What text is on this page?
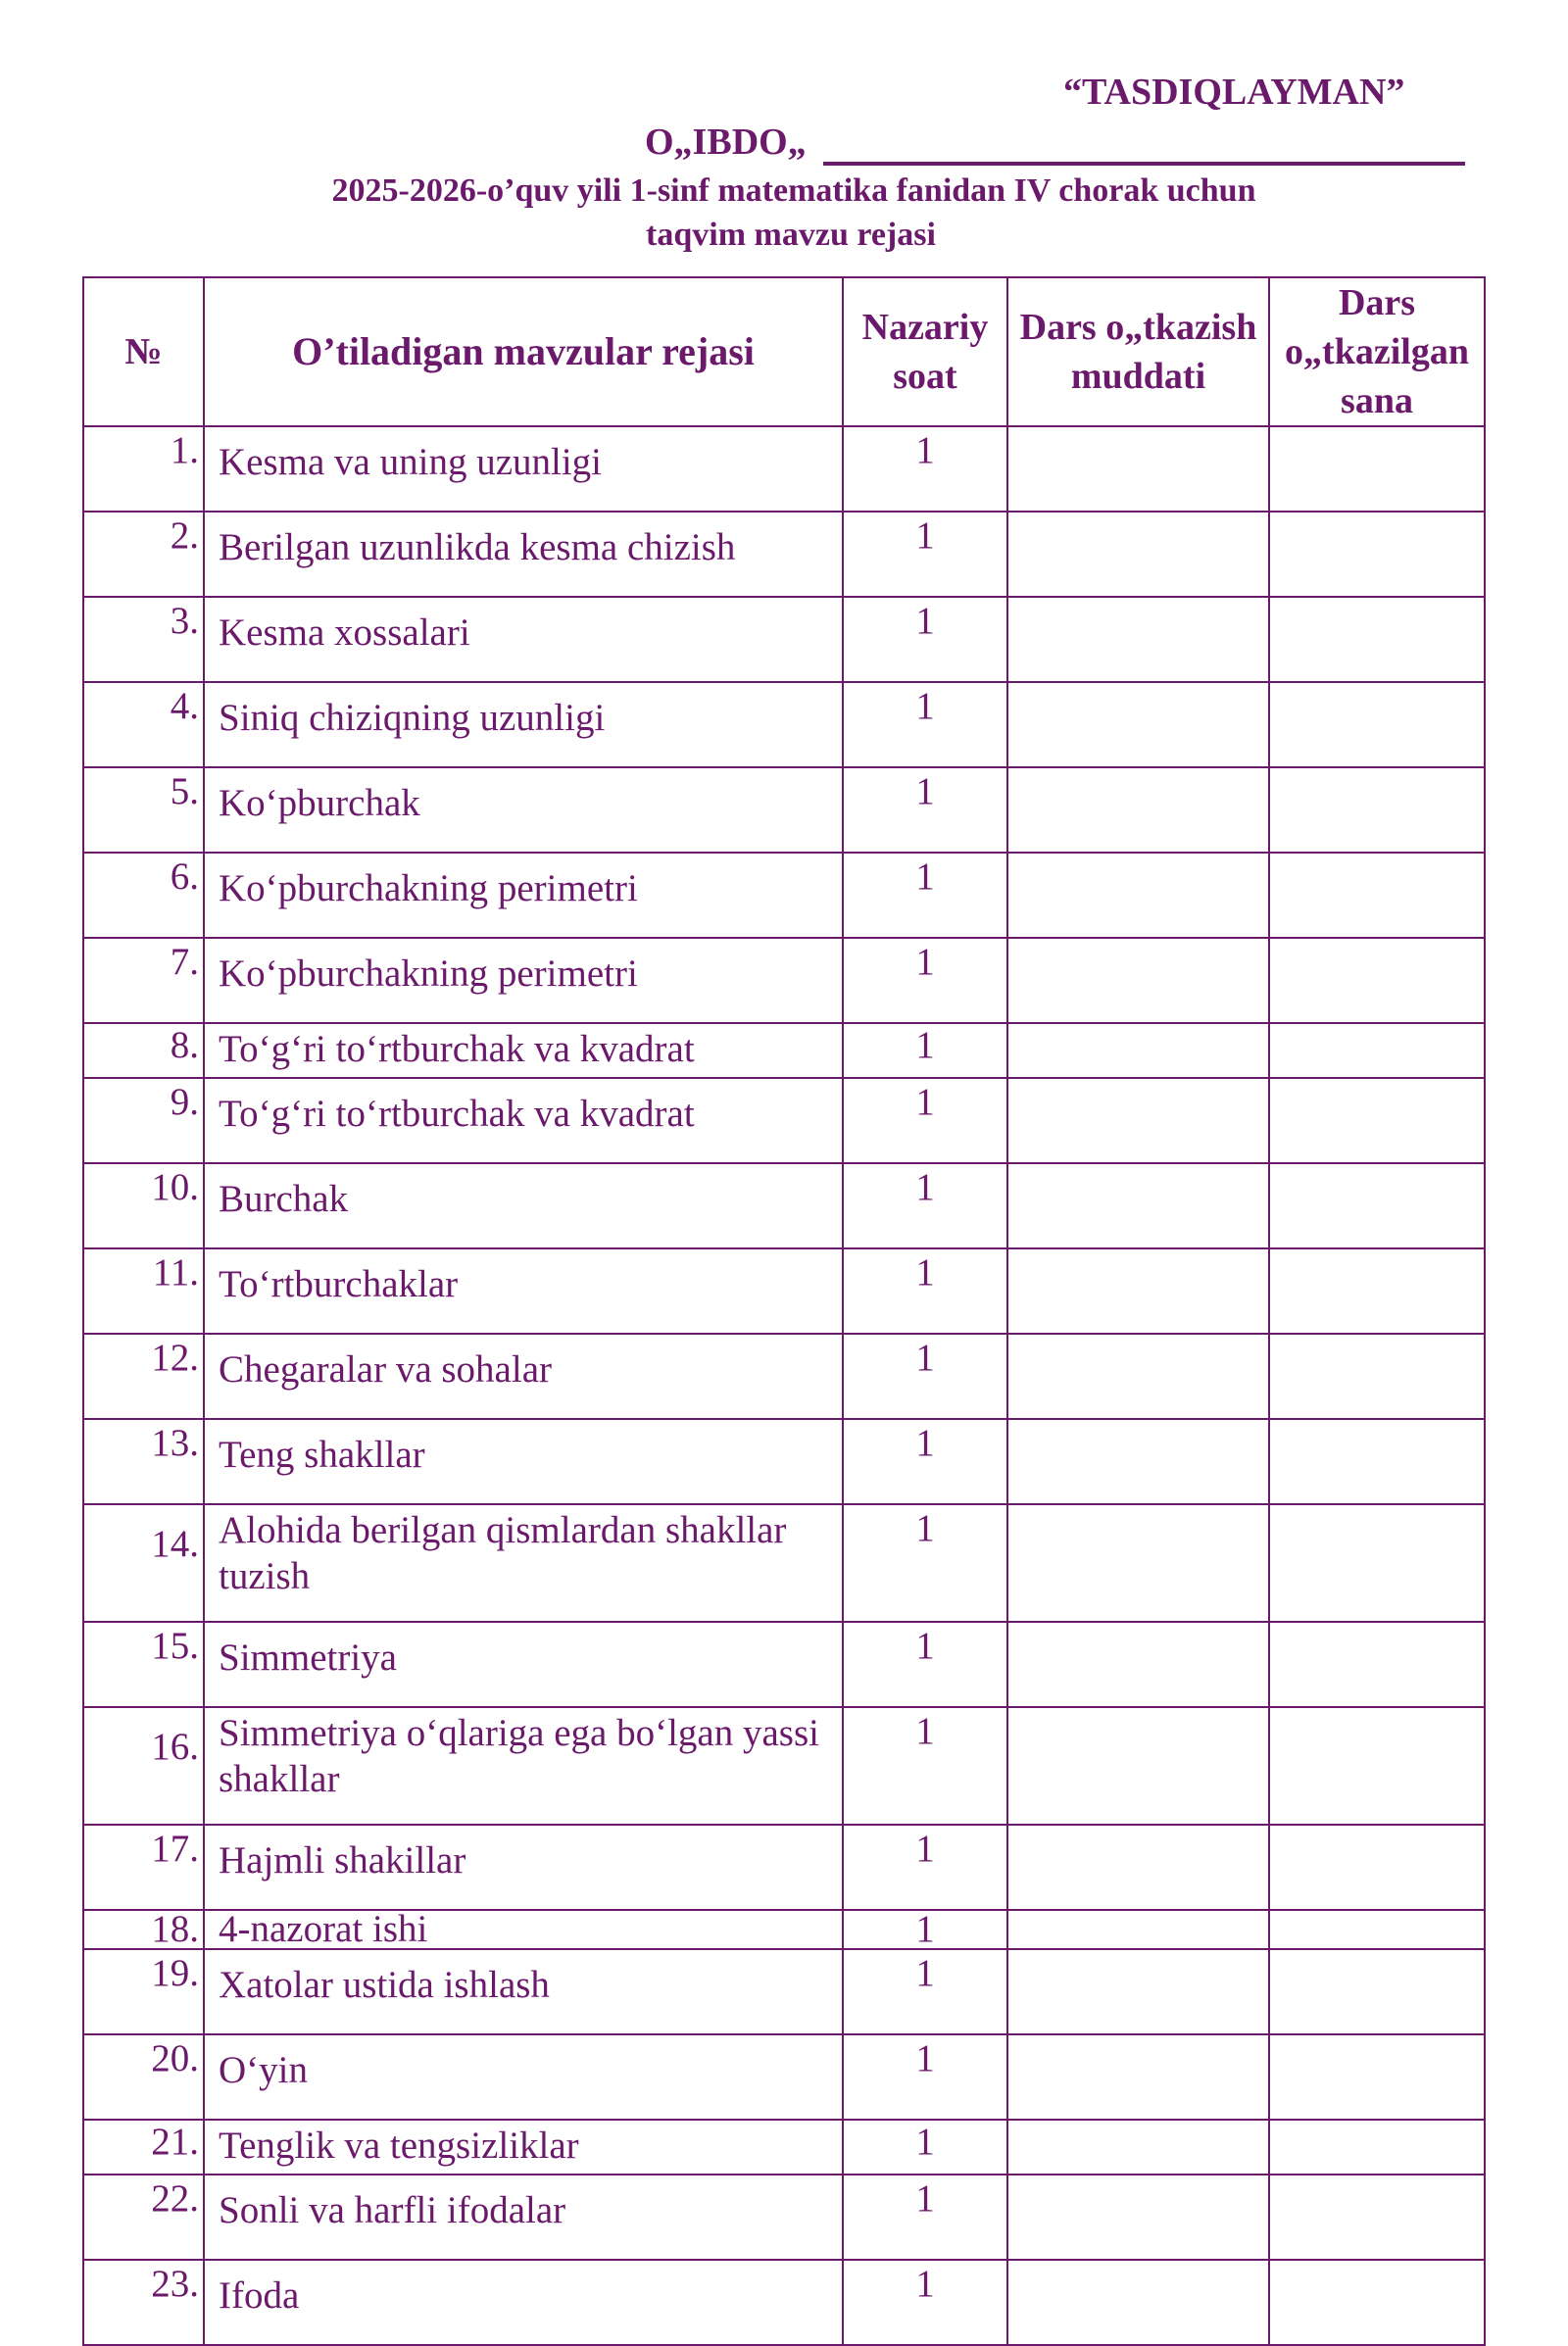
“TASDIQLAYMAN”
O„IBDO„
2025-2026-o’quv yili 1-sinf matematika fanidan IV chorak uchun
taqvim mavzu rejasi
№	O’tiladigan mavzular rejasi	Nazariy soat	Dars o„tkazish muddati	Dars o„tkazilgan sana
1.	Kesma va uning uzunligi	1		
2.	Berilgan uzunlikda kesma chizish	1		
3.	Kesma xossalari	1		
4.	Siniq chiziqning uzunligi	1		
5.	Ko‘pburchak	1		
6.	Ko‘pburchakning perimetri	1		
7.	Ko‘pburchakning perimetri	1		
8.	To‘g‘ri to‘rtburchak va kvadrat	1		
9.	To‘g‘ri to‘rtburchak va kvadrat	1		
10.	Burchak	1		
11.	To‘rtburchaklar	1		
12.	Chegaralar va sohalar	1		
13.	Teng shakllar	1		
14.	Alohida berilgan qismlardan shakllar tuzish	1		
15.	Simmetriya	1		
16.	Simmetriya o‘qlariga ega bo‘lgan yassi shakllar	1		
17.	Hajmli shakillar	1		
18.	4-nazorat ishi	1		
19.	Xatolar ustida ishlash	1		
20.	O‘yin	1		
21.	Tenglik va tengsizliklar	1		
22.	Sonli va harfli ifodalar	1		
23.	Ifoda	1		
